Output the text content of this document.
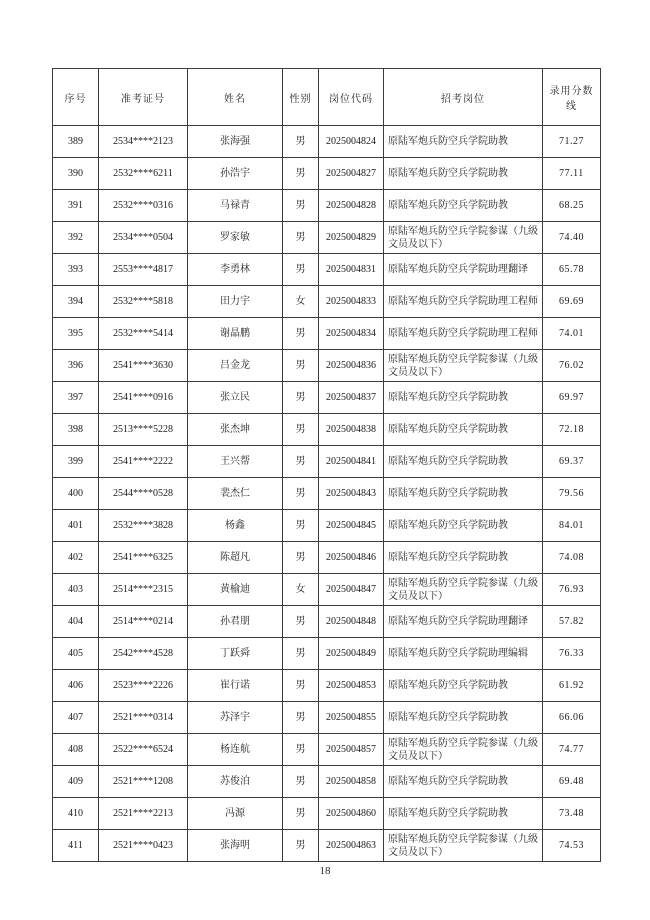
序号	准考证号	姓名	性别	岗位代码	招考岗位	录用分数线
389	2534****2123	张海强	男	2025004824	原陆军炮兵防空兵学院助教	71.27
390	2532****6211	孙浩宇	男	2025004827	原陆军炮兵防空兵学院助教	77.11
391	2532****0316	马禄青	男	2025004828	原陆军炮兵防空兵学院助教	68.25
392	2534****0504	罗家敏	男	2025004829	原陆军炮兵防空兵学院参谋（九级文员及以下）	74.40
393	2553****4817	李勇林	男	2025004831	原陆军炮兵防空兵学院助理翻译	65.78
394	2532****5818	田力宇	女	2025004833	原陆军炮兵防空兵学院助理工程师	69.69
395	2532****5414	谢晶鹏	男	2025004834	原陆军炮兵防空兵学院助理工程师	74.01
396	2541****3630	吕金龙	男	2025004836	原陆军炮兵防空兵学院参谋（九级文员及以下）	76.02
397	2541****0916	张立民	男	2025004837	原陆军炮兵防空兵学院助教	69.97
398	2513****5228	张杰坤	男	2025004838	原陆军炮兵防空兵学院助教	72.18
399	2541****2222	王兴帮	男	2025004841	原陆军炮兵防空兵学院助教	69.37
400	2544****0528	裴杰仁	男	2025004843	原陆军炮兵防空兵学院助教	79.56
401	2532****3828	杨鑫	男	2025004845	原陆军炮兵防空兵学院助教	84.01
402	2541****6325	陈超凡	男	2025004846	原陆军炮兵防空兵学院助教	74.08
403	2514****2315	黄榆迪	女	2025004847	原陆军炮兵防空兵学院参谋（九级文员及以下）	76.93
404	2514****0214	孙君朋	男	2025004848	原陆军炮兵防空兵学院助理翻译	57.82
405	2542****4528	丁跃舜	男	2025004849	原陆军炮兵防空兵学院助理编辑	76.33
406	2523****2226	崔行诺	男	2025004853	原陆军炮兵防空兵学院助教	61.92
407	2521****0314	苏泽宇	男	2025004855	原陆军炮兵防空兵学院助教	66.06
408	2522****6524	杨连航	男	2025004857	原陆军炮兵防空兵学院参谋（九级文员及以下）	74.77
409	2521****1208	苏俊泊	男	2025004858	原陆军炮兵防空兵学院助教	69.48
410	2521****2213	冯源	男	2025004860	原陆军炮兵防空兵学院助教	73.48
411	2521****0423	张海明	男	2025004863	原陆军炮兵防空兵学院参谋（九级文员及以下）	74.53
18
